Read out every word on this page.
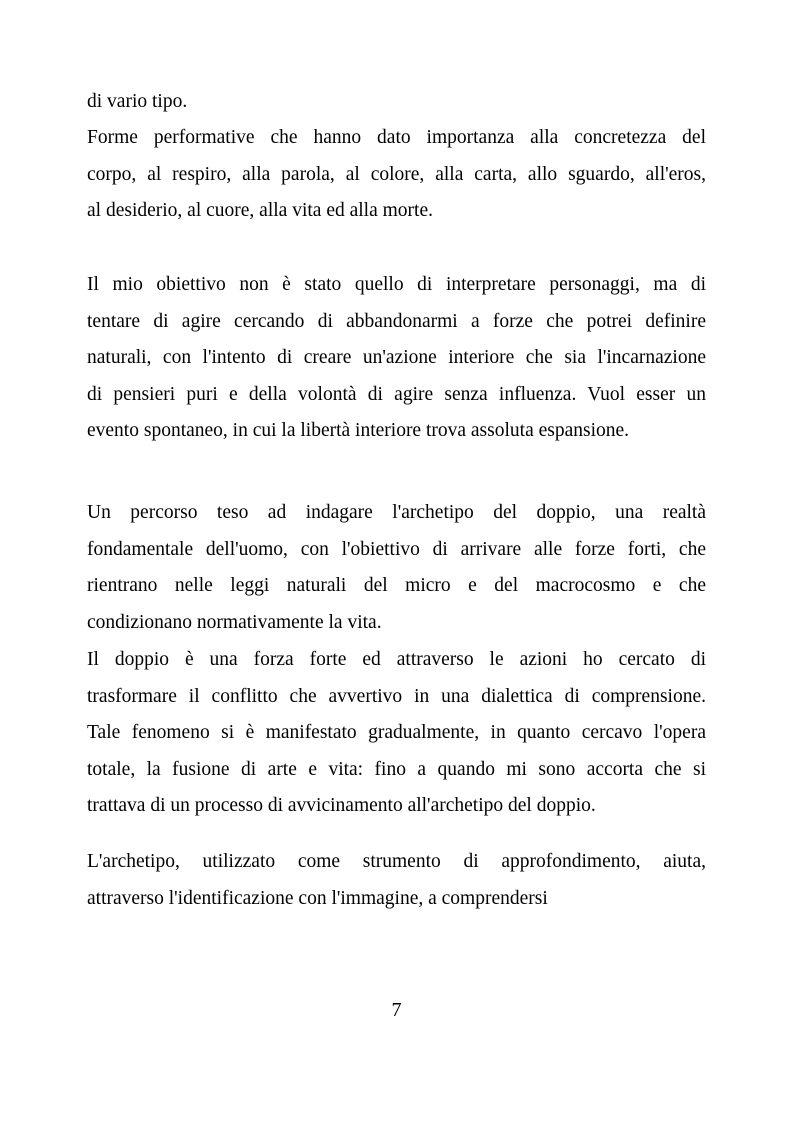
di vario tipo.
Forme performative che hanno dato importanza alla concretezza del
corpo, al respiro, alla parola, al colore, alla carta, allo sguardo, all'eros,
al desiderio, al cuore, alla vita ed alla morte.
Il mio obiettivo non è stato quello di interpretare personaggi, ma di
tentare di agire cercando di abbandonarmi a forze che potrei definire
naturali, con l'intento di creare un'azione interiore che sia l'incarnazione
di pensieri puri e della volontà di agire senza influenza. Vuol esser un
evento spontaneo, in cui la libertà interiore trova assoluta espansione.
Un percorso teso ad indagare l'archetipo del doppio, una realtà
fondamentale dell'uomo, con l'obiettivo di arrivare alle forze forti, che
rientrano nelle leggi naturali del micro e del macrocosmo e che
condizionano normativamente la vita.
Il doppio è una forza forte ed attraverso le azioni ho cercato di
trasformare il conflitto che avvertivo in una dialettica di comprensione.
Tale fenomeno si è manifestato gradualmente, in quanto cercavo l'opera
totale, la fusione di arte e vita: fino a quando mi sono accorta che si
trattava di un processo di avvicinamento all'archetipo del doppio.
L'archetipo, utilizzato come strumento di approfondimento, aiuta,
attraverso l'identificazione con l'immagine, a comprendersi
7
